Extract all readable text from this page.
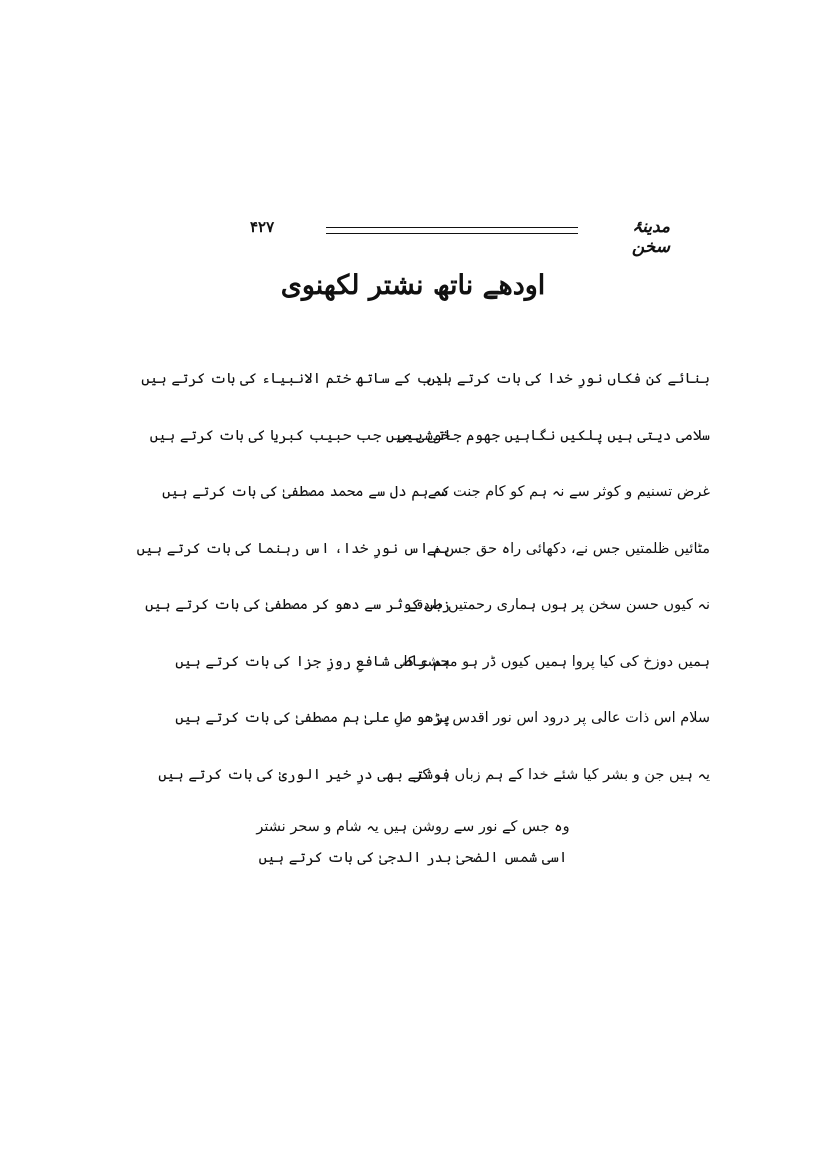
۴۲۷	مدینۂ سخن
اودھے ناتھ نشتر لکھنوی
بنائے کن فکاں نورِ خدا کی بات کرتے ہیں
ادب کے ساتھ ختم الانبیاء کی بات کرتے ہیں
سلامی دیتی ہیں پلکیں نگاہیں جھوم جاتی ہیں
خوشی میں جب حبیب کبریا کی بات کرتے ہیں
غرض تسنیم و کوثر سے نہ ہم کو کام جنت سے
کہ ہم دل سے محمد مصطفیٰ کی بات کرتے ہیں
مٹائیں ظلمتیں جس نے، دکھائی راہ حق جس نے
ہم اس نورِ خدا، اس رہنما کی بات کرتے ہیں
نہ کیوں حسن سخن پر ہوں ہماری رحمتیں صدقے
زباں کوثر سے دھو کر مصطفیٰ کی بات کرتے ہیں
ہمیں دوزخ کی کیا پروا ہمیں کیوں ڈر ہو محشر کا
ہم عاصی شافعِ روزِ جزا کی بات کرتے ہیں
سلام اس ذات عالی پر درود اس نور اقدس پر
پڑھو صلِ علیٰ ہم مصطفیٰ کی بات کرتے ہیں
یہ ہیں جن و بشر کیا شئے خدا کے ہم زباں ہو کر
فرشتے بھی درِ خیر الوریٰ کی بات کرتے ہیں
وہ جس کے نور سے روشن ہیں یہ شام و سحر نشتر
اسی شمس الضحیٰ بدر الدجیٰ کی بات کرتے ہیں
